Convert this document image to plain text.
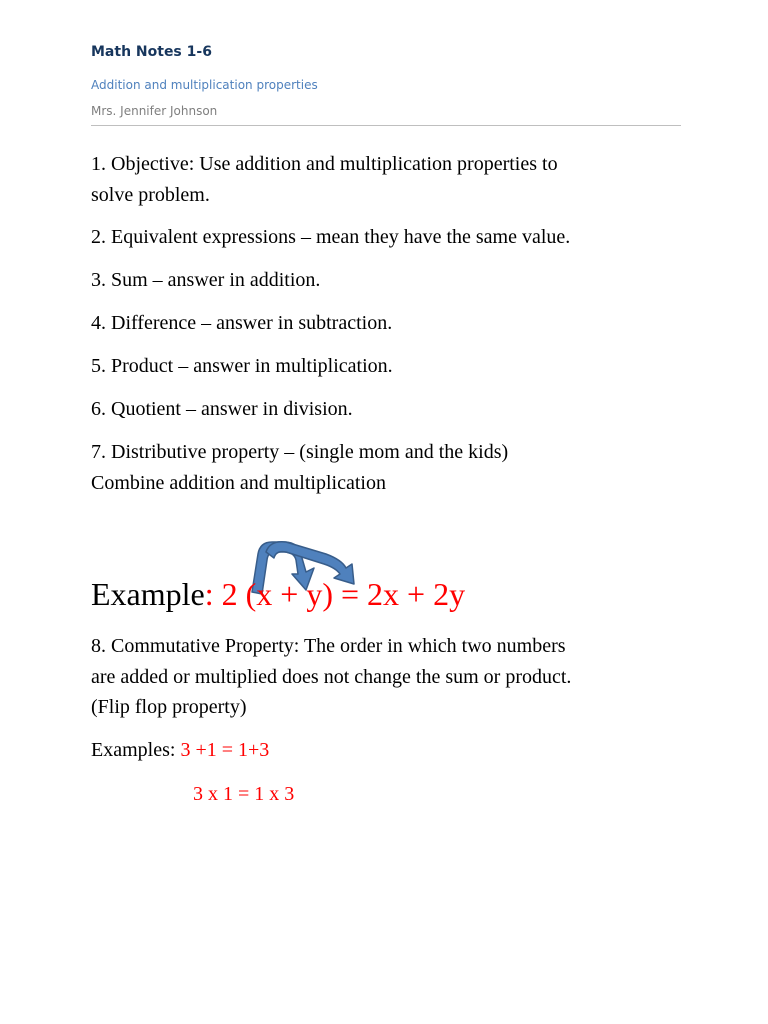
Math Notes 1-6
Addition and multiplication properties
Mrs. Jennifer Johnson
1. Objective: Use addition and multiplication properties to
solve problem.
2. Equivalent expressions – mean they have the same value.
3. Sum – answer in addition.
4. Difference – answer in subtraction.
5. Product – answer in multiplication.
6. Quotient – answer in division.
7. Distributive property – (single mom and the kids)
Combine addition and multiplication
Example: 2 (x + y) = 2x + 2y
8. Commutative Property: The order in which two numbers
are added or multiplied does not change the sum or product.
(Flip flop property)
Examples: 3 +1 = 1+3
3 x 1 = 1 x 3
